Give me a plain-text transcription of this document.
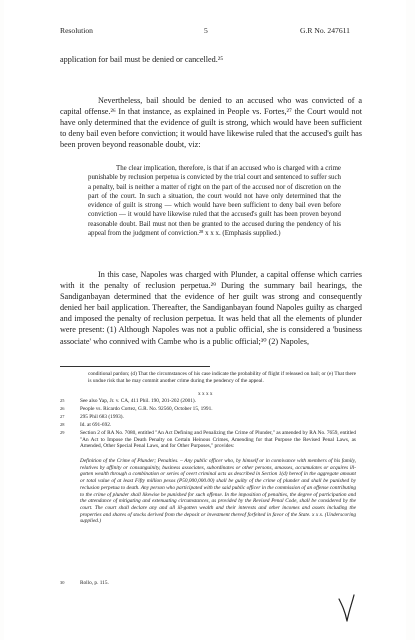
Resolution	5	G.R No. 247611
application for bail must be denied or cancelled.²⁵
Nevertheless, bail should be denied to an accused who was convicted of a capital offense.²⁶ In that instance, as explained in People vs. Fortes,²⁷ the Court would not have only determined that the evidence of guilt is strong, which would have been sufficient to deny bail even before conviction; it would have likewise ruled that the accused's guilt has been proven beyond reasonable doubt, viz:
The clear implication, therefore, is that if an accused who is charged with a crime punishable by reclusion perpetua is convicted by the trial court and sentenced to suffer such a penalty, bail is neither a matter of right on the part of the accused nor of discretion on the part of the court. In such a situation, the court would not have only determined that the evidence of guilt is strong — which would have been sufficient to deny bail even before conviction — it would have likewise ruled that the accused's guilt has been proven beyond reasonable doubt. Bail must not then be granted to the accused during the pendency of his appeal from the judgment of conviction.²⁸ x x x. (Emphasis supplied.)
In this case, Napoles was charged with Plunder, a capital offense which carries with it the penalty of reclusion perpetua.²⁹ During the summary bail hearings, the Sandiganbayan determined that the evidence of her guilt was strong and consequently denied her bail application. Thereafter, the Sandiganbayan found Napoles guilty as charged and imposed the penalty of reclusion perpetua. It was held that all the elements of plunder were present: (1) Although Napoles was not a public official, she is considered a 'business associate' who connived with Cambe who is a public official;³⁰ (2) Napoles,
conditional pardon; (d) That the circumstances of his case indicate the probability of flight if released on bail; or (e) That there is undue risk that he may commit another crime during the pendency of the appeal.
x x x x
25	See also Yap, Jr. v. CA, 411 Phil. 190, 201-202 (2001).
26	People vs. Ricardo Cortez, G.R. No. 92560, October 15, 1991.
27	295 Phil 683 (1993).
28	Id. at 691-692.
29	Section 2 of RA No. 7080, entitled "An Act Defining and Penalizing the Crime of Plunder," as amended by RA No. 7659, entitled "An Act to Impose the Death Penalty on Certain Heinous Crimes, Amending for that Purpose the Revised Penal Laws, as Amended, Other Special Penal Laws, and for Other Purposes," provides:
Definition of the Crime of Plunder; Penalties. – Any public officer who, by himself or in connivance with members of his family, relatives by affinity or consanguinity, business associates, subordinates or other persons, amasses, accumulates or acquires ill-gotten wealth through a combination or series of overt criminal acts as described in Section 1(d) hereof in the aggregate amount or total value of at least Fifty million pesos (P50,000,000.00) shall be guilty of the crime of plunder and shall be punished by reclusion perpetua to death. Any person who participated with the said public officer in the commission of an offense contributing to the crime of plunder shall likewise be punished for such offense. In the imposition of penalties, the degree of participation and the attendance of mitigating and extenuating circumstances, as provided by the Revised Penal Code, shall be considered by the court. The court shall declare any and all ill-gotten wealth and their interests and other incomes and assets including the properties and shares of stocks derived from the deposit or investment thereof forfeited in favor of the State. x x x. (Underscoring supplied.)
30	Rollo, p. 115.
